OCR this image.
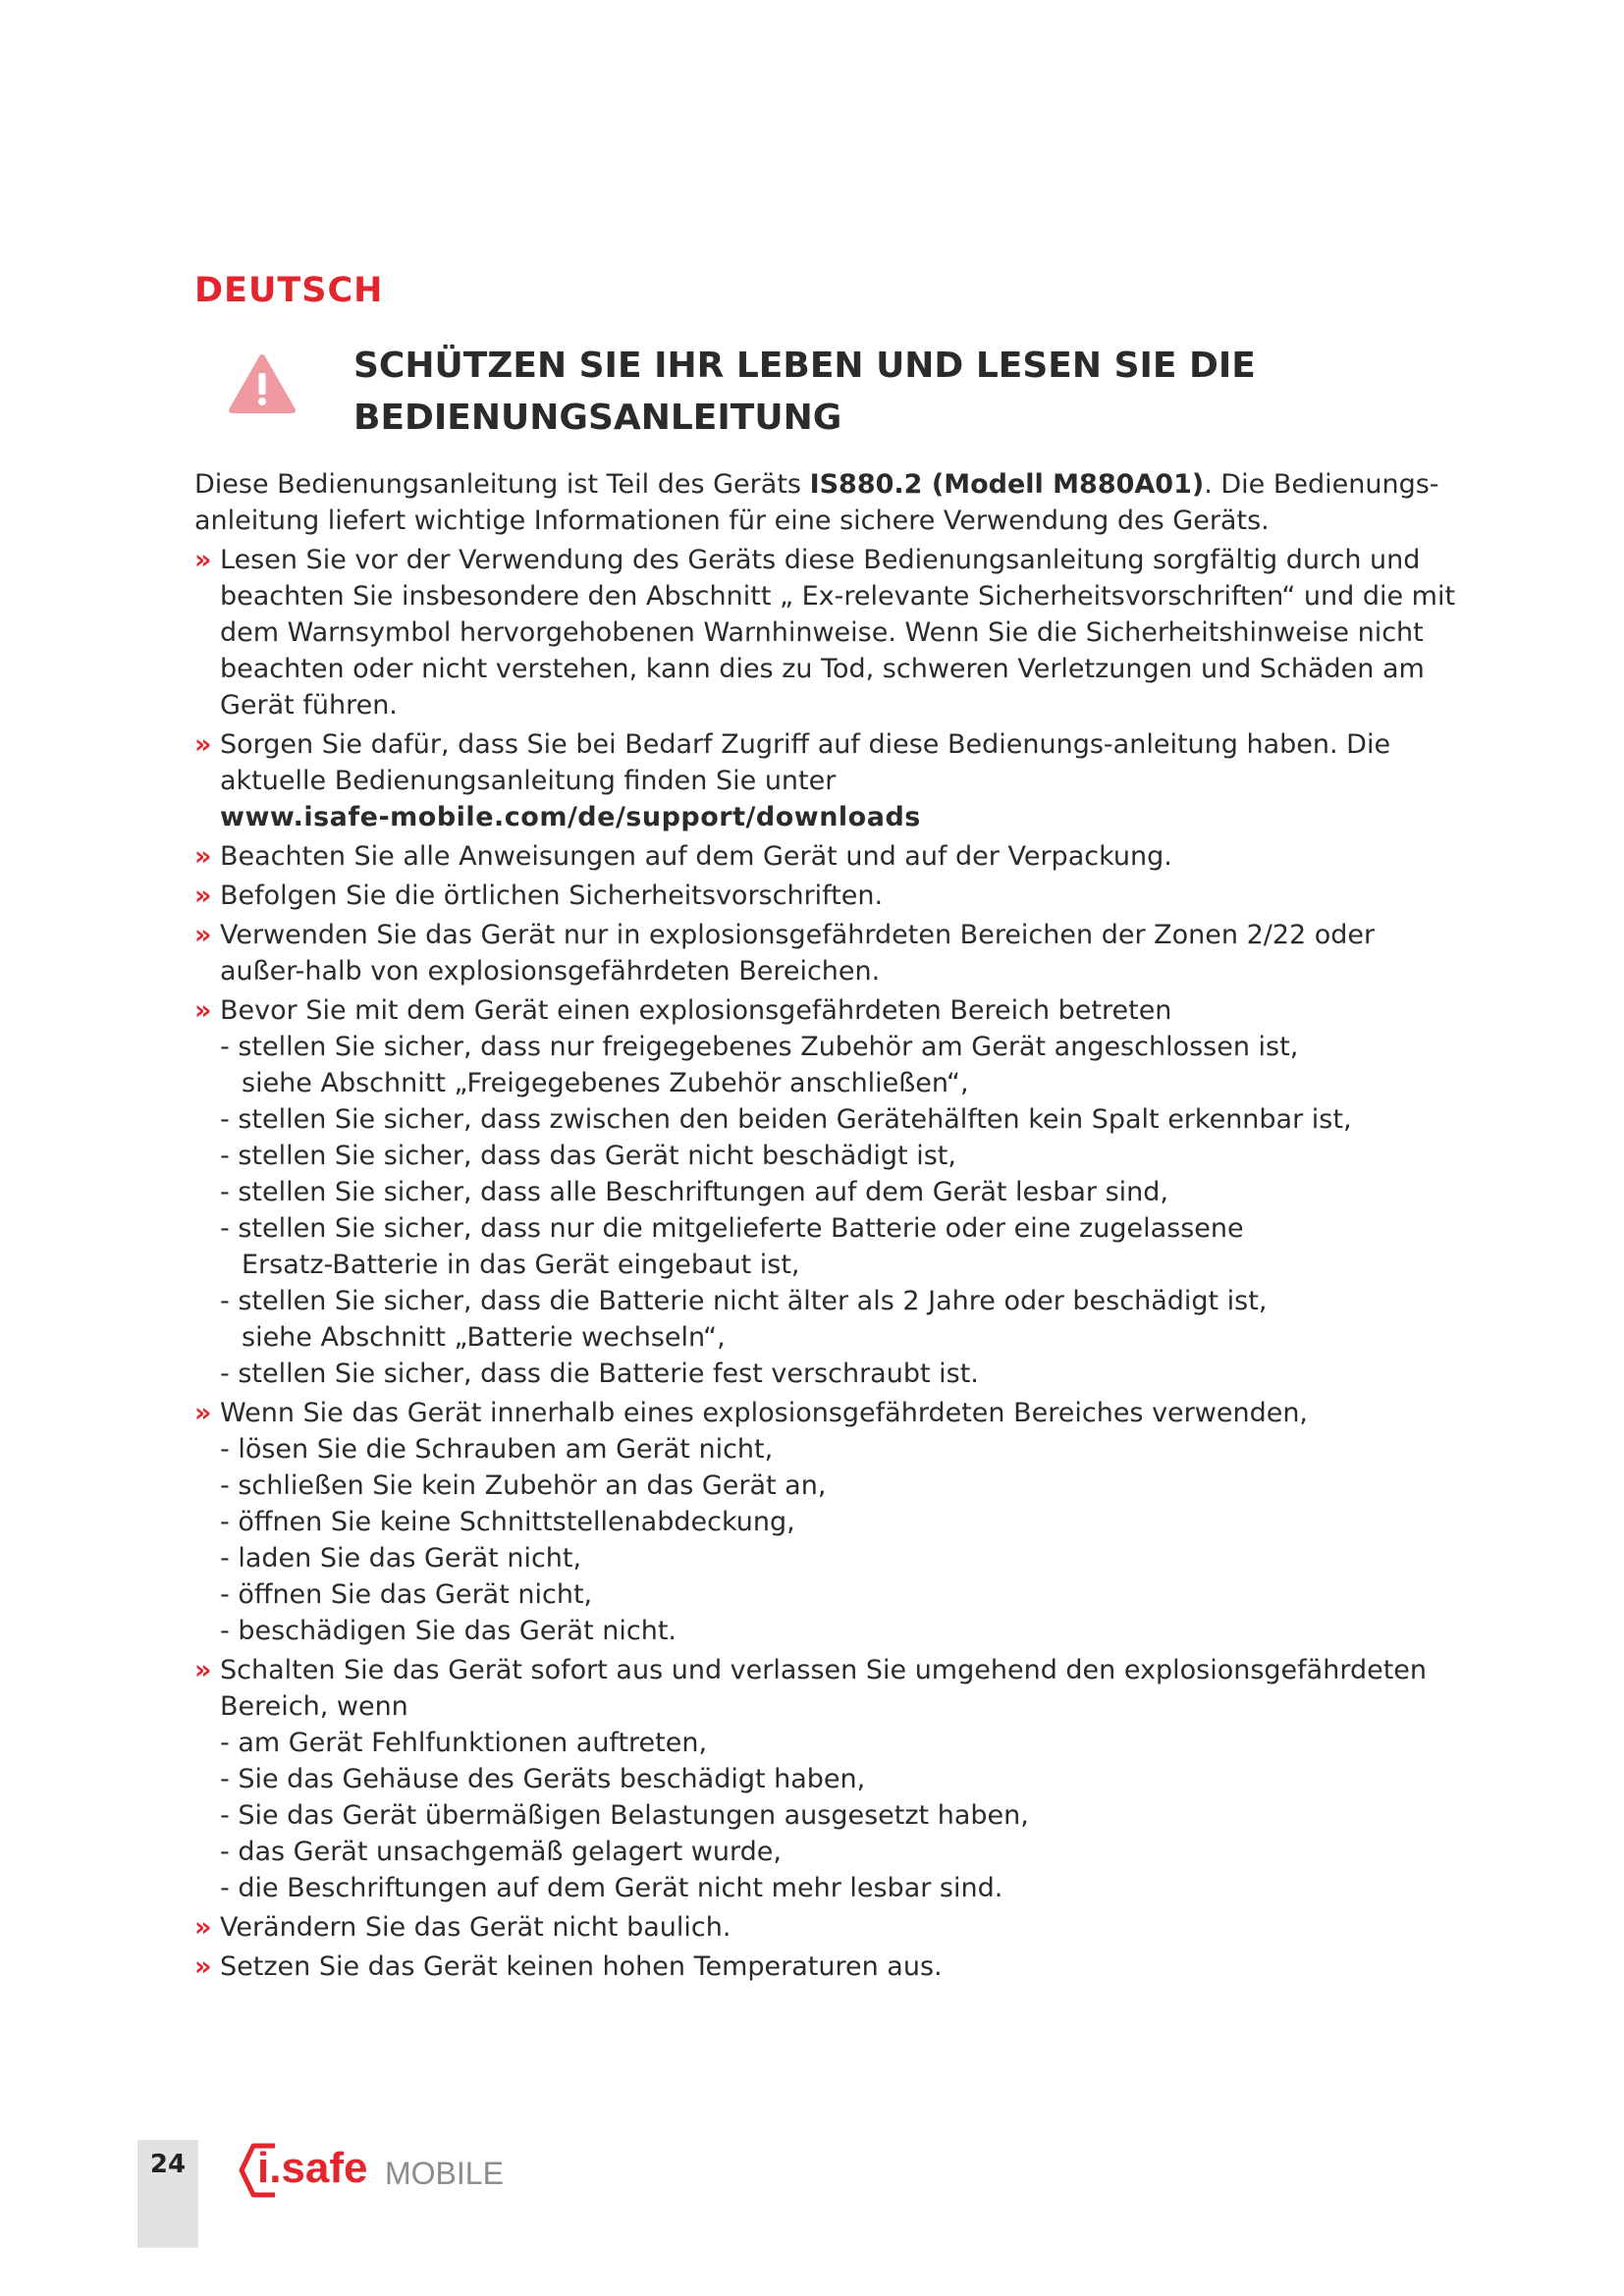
DEUTSCH
SCHÜTZEN SIE IHR LEBEN UND LESEN SIE DIE
BEDIENUNGSANLEITUNG

Diese Bedienungsanleitung ist Teil des Geräts IS880.2 (Modell M880A01). Die Bedienungs-anleitung liefert wichtige Informationen für eine sichere Verwendung des Geräts.

» Lesen Sie vor der Verwendung des Geräts diese Bedienungsanleitung sorgfältig durch und beachten Sie insbesondere den Abschnitt „ Ex-relevante Sicherheitsvorschriften“ und die mit dem Warnsymbol hervorgehobenen Warnhinweise. Wenn Sie die Sicherheitshinweise nicht beachten oder nicht verstehen, kann dies zu Tod, schweren Verletzungen und Schäden am Gerät führen.
» Sorgen Sie dafür, dass Sie bei Bedarf Zugriff auf diese Bedienungs-anleitung haben. Die aktuelle Bedienungsanleitung finden Sie unter
www.isafe-mobile.com/de/support/downloads
» Beachten Sie alle Anweisungen auf dem Gerät und auf der Verpackung.
» Befolgen Sie die örtlichen Sicherheitsvorschriften.
» Verwenden Sie das Gerät nur in explosionsgefährdeten Bereichen der Zonen 2/22 oder außer-halb von explosionsgefährdeten Bereichen.
» Bevor Sie mit dem Gerät einen explosionsgefährdeten Bereich betreten
- stellen Sie sicher, dass nur freigegebenes Zubehör am Gerät angeschlossen ist,
siehe Abschnitt „Freigegebenes Zubehör anschließen“,
- stellen Sie sicher, dass zwischen den beiden Gerätehälften kein Spalt erkennbar ist,
- stellen Sie sicher, dass das Gerät nicht beschädigt ist,
- stellen Sie sicher, dass alle Beschriftungen auf dem Gerät lesbar sind,
- stellen Sie sicher, dass nur die mitgelieferte Batterie oder eine zugelassene
Ersatz-Batterie in das Gerät eingebaut ist,
- stellen Sie sicher, dass die Batterie nicht älter als 2 Jahre oder beschädigt ist,
siehe Abschnitt „Batterie wechseln“,
- stellen Sie sicher, dass die Batterie fest verschraubt ist.
» Wenn Sie das Gerät innerhalb eines explosionsgefährdeten Bereiches verwenden,
- lösen Sie die Schrauben am Gerät nicht,
- schließen Sie kein Zubehör an das Gerät an,
- öffnen Sie keine Schnittstellenabdeckung,
- laden Sie das Gerät nicht,
- öffnen Sie das Gerät nicht,
- beschädigen Sie das Gerät nicht.
» Schalten Sie das Gerät sofort aus und verlassen Sie umgehend den explosionsgefährdeten Bereich, wenn
- am Gerät Fehlfunktionen auftreten,
- Sie das Gehäuse des Geräts beschädigt haben,
- Sie das Gerät übermäßigen Belastungen ausgesetzt haben,
- das Gerät unsachgemäß gelagert wurde,
- die Beschriftungen auf dem Gerät nicht mehr lesbar sind.
» Verändern Sie das Gerät nicht baulich.
» Setzen Sie das Gerät keinen hohen Temperaturen aus.
24 i.safe MOBILE
